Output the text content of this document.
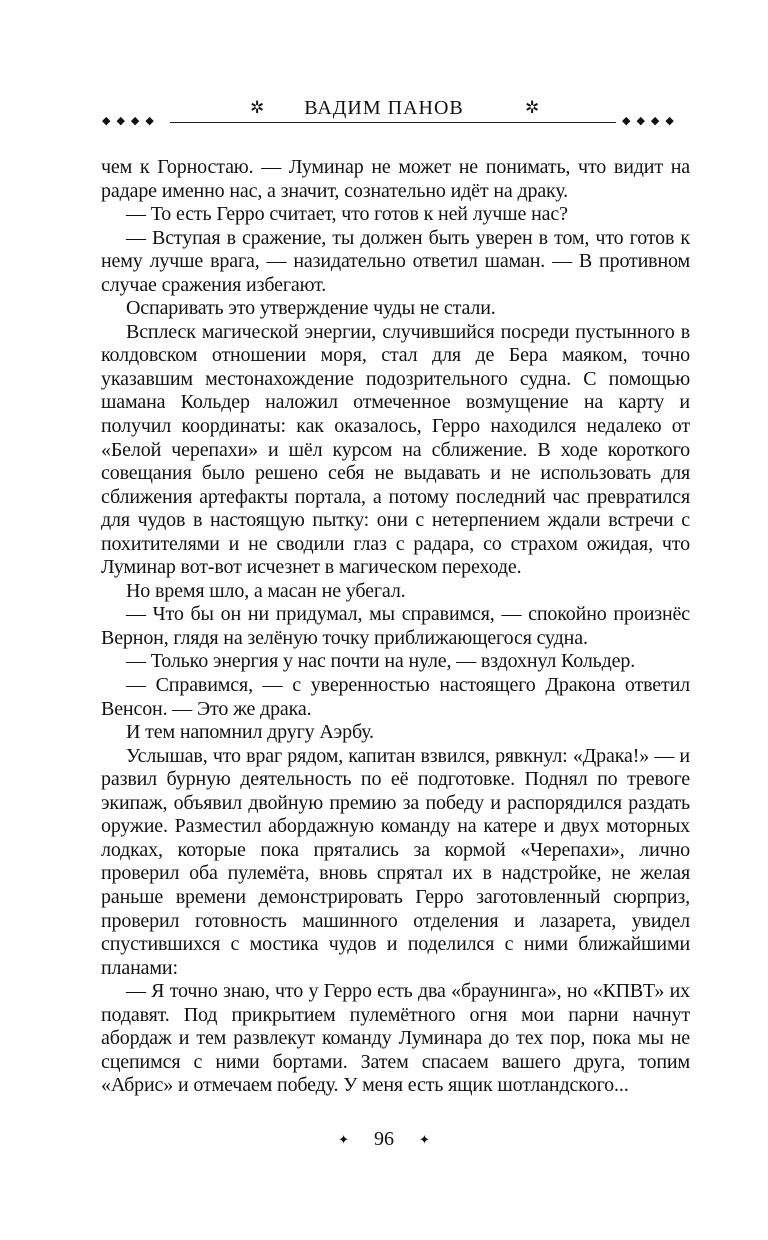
✲	ВАДИМ ПАНОВ	✲
◆◆◆◆	◆◆◆◆

чем к Горностаю. — Луминар не может не понимать, что видит на радаре именно нас, а значит, сознательно идёт на драку.

— То есть Герро считает, что готов к ней лучше нас?

— Вступая в сражение, ты должен быть уверен в том, что готов к нему лучше врага, — назидательно ответил шаман. — В противном случае сражения избегают.

Оспаривать это утверждение чуды не стали.

Всплеск магической энергии, случившийся посреди пустынного в колдовском отношении моря, стал для де Бера маяком, точно указавшим местонахождение подозрительного судна. С помощью шамана Кольдер наложил отмеченное возмущение на карту и получил координаты: как оказалось, Герро находился недалеко от «Белой черепахи» и шёл курсом на сближение. В ходе короткого совещания было решено себя не выдавать и не использовать для сближения артефакты портала, а потому последний час превратился для чудов в настоящую пытку: они с нетерпением ждали встречи с похитителями и не сводили глаз с радара, со страхом ожидая, что Луминар вот-вот исчезнет в магическом переходе.

Но время шло, а масан не убегал.

— Что бы он ни придумал, мы справимся, — спокойно произнёс Вернон, глядя на зелёную точку приближающегося судна.

— Только энергия у нас почти на нуле, — вздохнул Кольдер.

— Справимся, — с уверенностью настоящего Дракона ответил Венсон. — Это же драка.

И тем напомнил другу Аэрбу.

Услышав, что враг рядом, капитан взвился, рявкнул: «Драка!» — и развил бурную деятельность по её подготовке. Поднял по тревоге экипаж, объявил двойную премию за победу и распорядился раздать оружие. Разместил абордажную команду на катере и двух моторных лодках, которые пока прятались за кормой «Черепахи», лично проверил оба пулемёта, вновь спрятал их в надстройке, не желая раньше времени демонстрировать Герро заготовленный сюрприз, проверил готовность машинного отделения и лазарета, увидел спустившихся с мостика чудов и поделился с ними ближайшими планами:

— Я точно знаю, что у Герро есть два «браунинга», но «КПВТ» их подавят. Под прикрытием пулемётного огня мои парни начнут абордаж и тем развлекут команду Луминара до тех пор, пока мы не сцепимся с ними бортами. Затем спасаем вашего друга, топим «Абрис» и отмечаем победу. У меня есть ящик шотландского...

✦ 96 ✦
